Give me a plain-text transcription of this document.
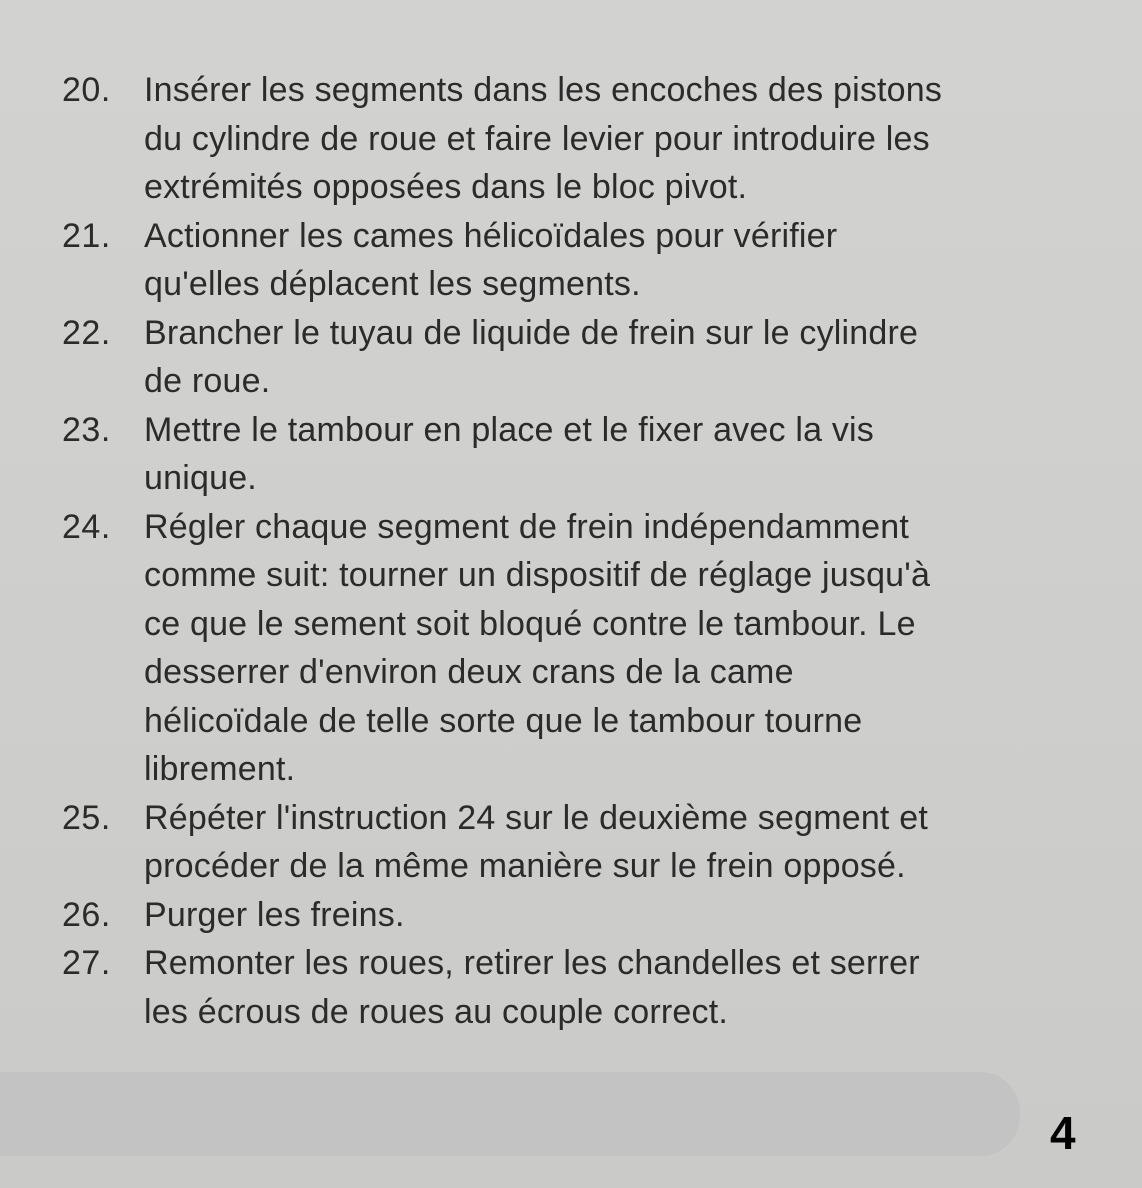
20. Insérer les segments dans les encoches des pistons
du cylindre de roue et faire levier pour introduire les
extrémités opposées dans le bloc pivot.
21. Actionner les cames hélicoïdales pour vérifier
qu'elles déplacent les segments.
22. Brancher le tuyau de liquide de frein sur le cylindre
de roue.
23. Mettre le tambour en place et le fixer avec la vis
unique.
24. Régler chaque segment de frein indépendamment
comme suit: tourner un dispositif de réglage jusqu'à
ce que le sement soit bloqué contre le tambour. Le
desserrer d'environ deux crans de la came
hélicoïdale de telle sorte que le tambour tourne
librement.
25. Répéter l'instruction 24 sur le deuxième segment et
procéder de la même manière sur le frein opposé.
26. Purger les freins.
27. Remonter les roues, retirer les chandelles et serrer
les écrous de roues au couple correct.
4
